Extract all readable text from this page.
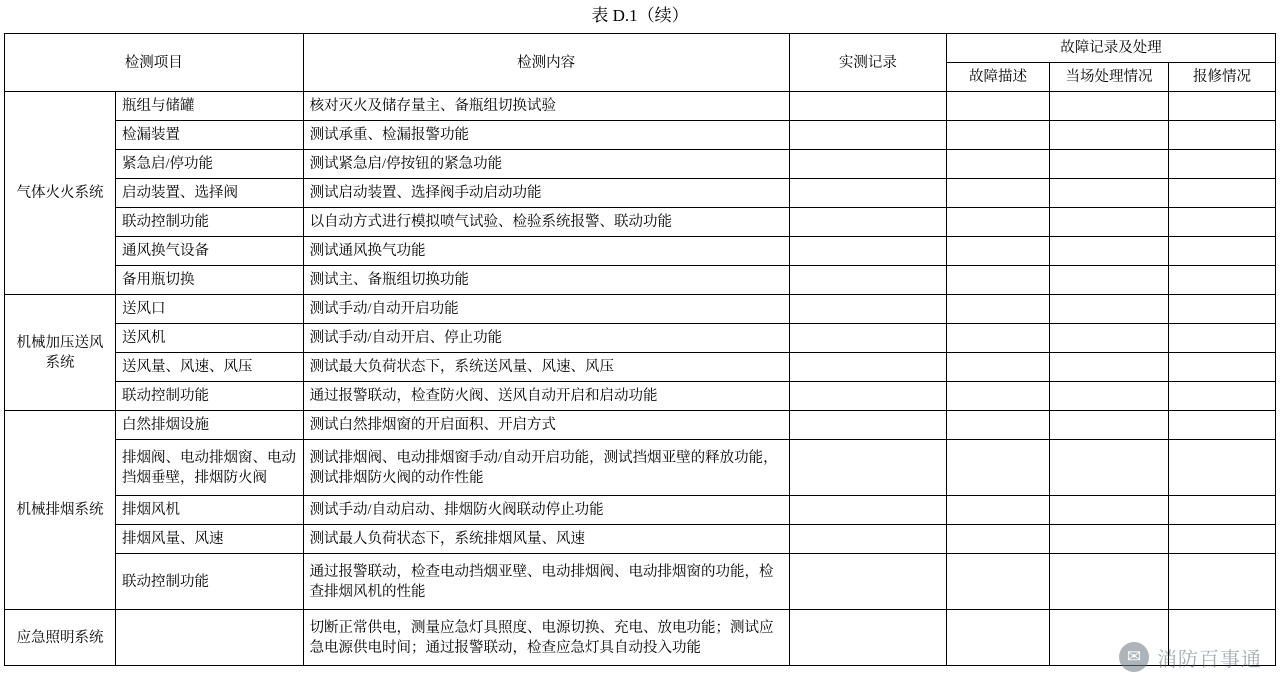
表 D.1（续）
检测项目		检测内容	实测记录	故障记录及处理		
				故障描述	当场处理情况	报修情况
气体火火系统	瓶组与储罐	核对灭火及储存量主、备瓶组切换试验				
	检漏装置	测试承重、检漏报警功能				
	紧急启/停功能	测试紧急启/停按钮的紧急功能				
	启动装置、选择阀	测试启动装置、选择阀手动启动功能				
	联动控制功能	以自动方式进行模拟喷气试验、检验系统报警、联动功能				
	通风换气设备	测试通风换气功能				
	备用瓶切换	测试主、备瓶组切换功能				
机械加压送风系统	送风口	测试手动/自动开启功能				
	送风机	测试手动/自动开启、停止功能				
	送风量、风速、风压	测试最大负荷状态下，系统送风量、风速、风压				
	联动控制功能	通过报警联动，检查防火阀、送风自动开启和启动功能				
机械排烟系统	白然排烟设施	测试白然排烟窗的开启面积、开启方式				
	排烟阀、电动排烟窗、电动挡烟垂壁，排烟防火阀	测试排烟阀、电动排烟窗手动/自动开启功能，测试挡烟亚壁的释放功能，测试排烟防火阀的动作性能				
	排烟风机	测试手动/自动启动、排烟防火阀联动停止功能				
	排烟风量、风速	测试最人负荷状态下，系统排烟风量、风速				
	联动控制功能	通过报警联动，检查电动挡烟亚壁、电动排烟阀、电动排烟窗的功能，检查排烟风机的性能				
应急照明系统		切断正常供电，测量应急灯具照度、电源切换、充电、放电功能；测试应急电源供电时间；通过报警联动，检查应急灯具自动投入功能					✉ 消防百事通
